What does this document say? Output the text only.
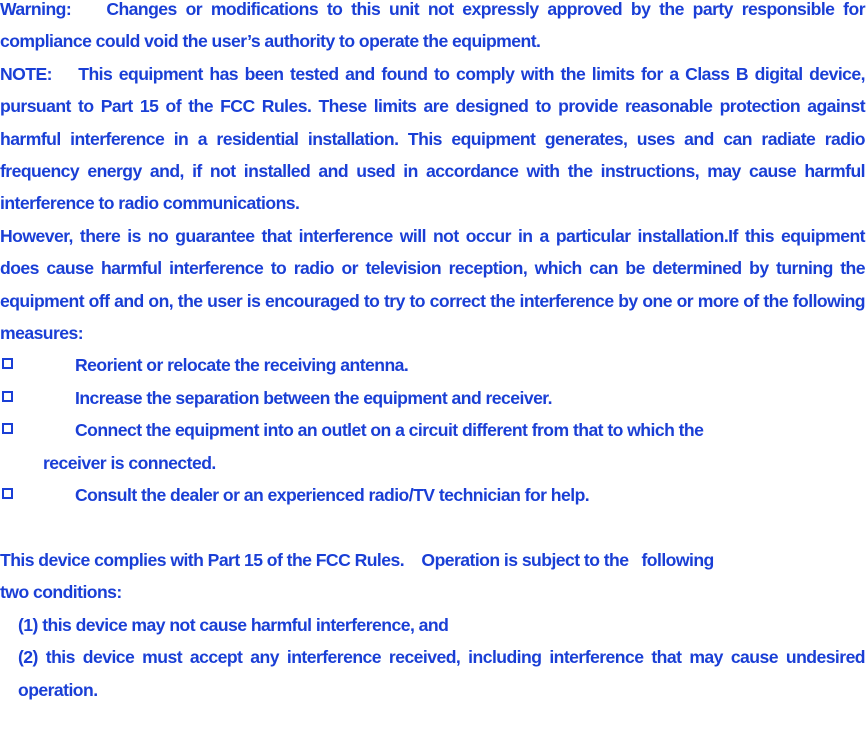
Warning: Changes or modifications to this unit not expressly approved by the party responsible for compliance could void the user’s authority to operate the equipment.

NOTE: This equipment has been tested and found to comply with the limits for a Class B digital device, pursuant to Part 15 of the FCC Rules. These limits are designed to provide reasonable protection against harmful interference in a residential installation. This equipment generates, uses and can radiate radio frequency energy and, if not installed and used in accordance with the instructions, may cause harmful interference to radio communications.

However, there is no guarantee that interference will not occur in a particular installation.If this equipment does cause harmful interference to radio or television reception, which can be determined by turning the equipment off and on, the user is encouraged to try to correct the interference by one or more of the following measures:

Reorient or relocate the receiving antenna.

Increase the separation between the equipment and receiver.

Connect the equipment into an outlet on a circuit different from that to which the
receiver is connected.

Consult the dealer or an experienced radio/TV technician for help.

This device complies with Part 15 of the FCC Rules.    Operation is subject to the   following
two conditions:

(1) this device may not cause harmful interference, and

(2) this device must accept any interference received, including interference that may cause undesired operation.
